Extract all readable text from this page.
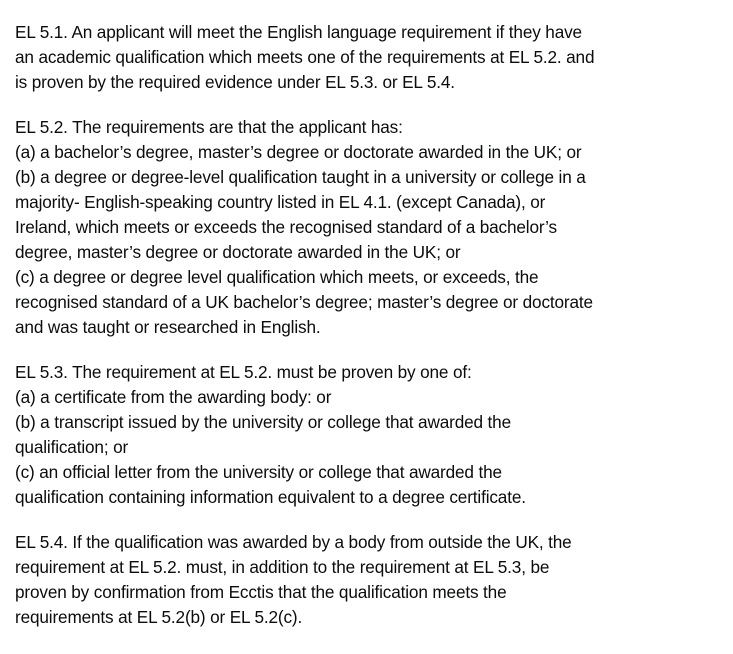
EL 5.1. An applicant will meet the English language requirement if they have
an academic qualification which meets one of the requirements at EL 5.2. and
is proven by the required evidence under EL 5.3. or EL 5.4.

EL 5.2. The requirements are that the applicant has:
(a) a bachelor’s degree, master’s degree or doctorate awarded in the UK; or
(b) a degree or degree-level qualification taught in a university or college in a
majority- English-speaking country listed in EL 4.1. (except Canada), or
Ireland, which meets or exceeds the recognised standard of a bachelor’s
degree, master’s degree or doctorate awarded in the UK; or
(c) a degree or degree level qualification which meets, or exceeds, the
recognised standard of a UK bachelor’s degree; master’s degree or doctorate
and was taught or researched in English.

EL 5.3. The requirement at EL 5.2. must be proven by one of:
(a) a certificate from the awarding body: or
(b) a transcript issued by the university or college that awarded the
qualification; or
(c) an official letter from the university or college that awarded the
qualification containing information equivalent to a degree certificate.

EL 5.4. If the qualification was awarded by a body from outside the UK, the
requirement at EL 5.2. must, in addition to the requirement at EL 5.3, be
proven by confirmation from Ecctis that the qualification meets the
requirements at EL 5.2(b) or EL 5.2(c).
